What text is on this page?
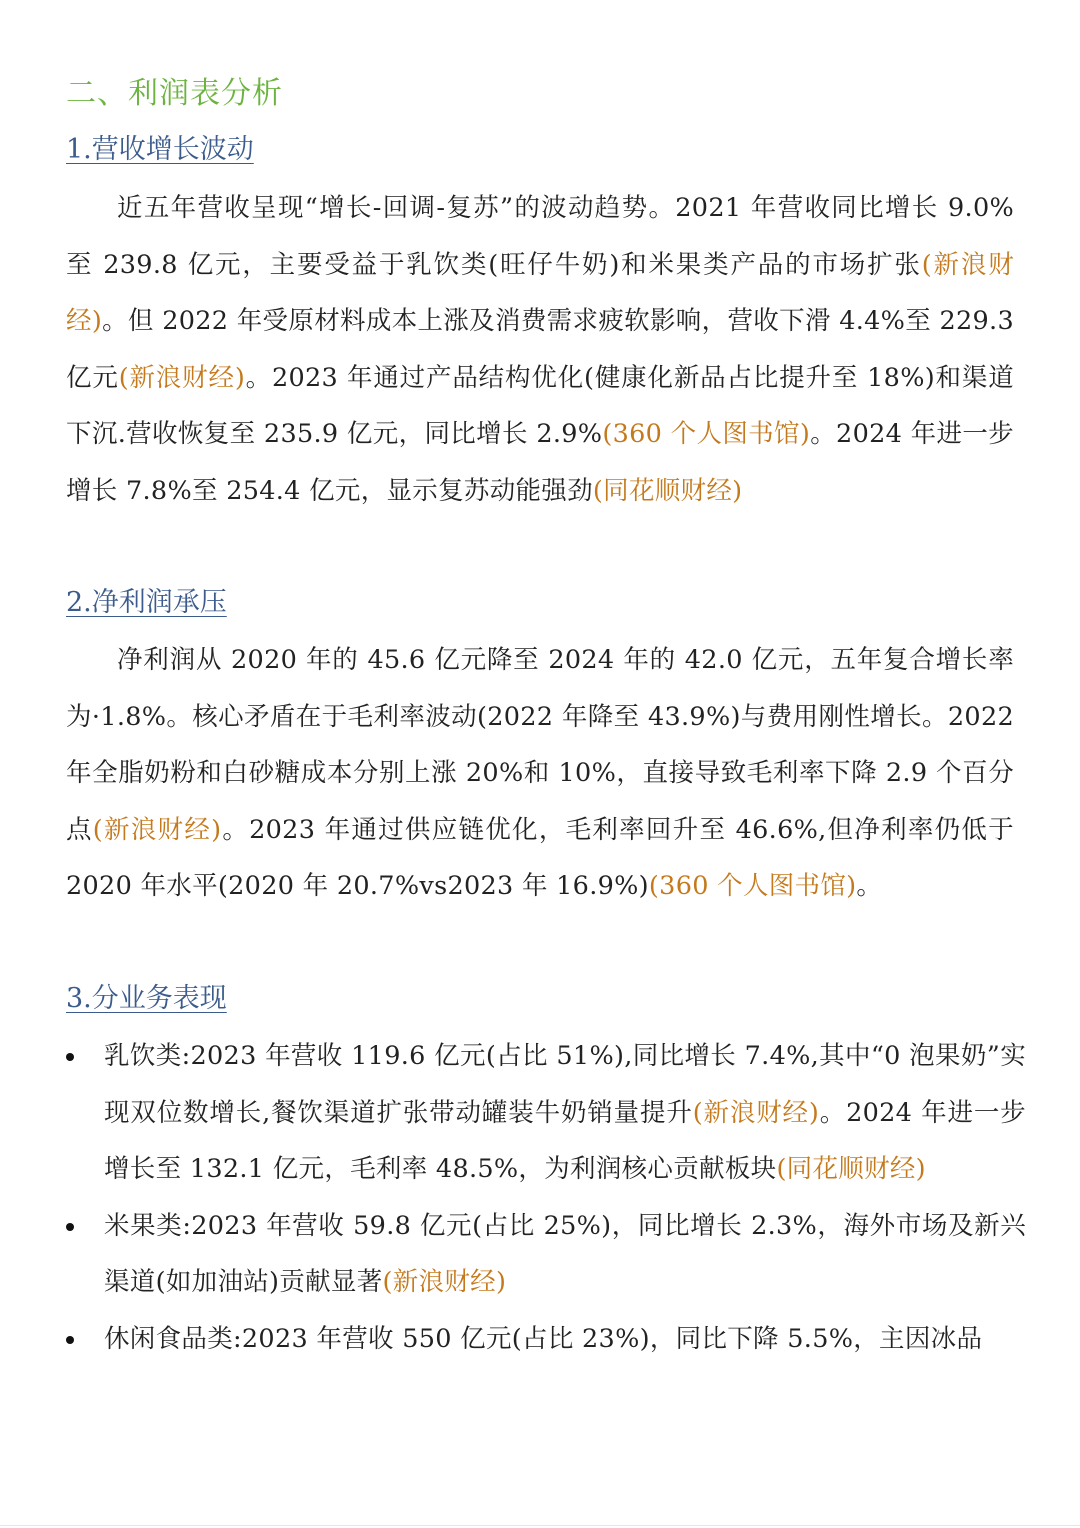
二、利润表分析
1.营收增长波动

近五年营收呈现“增长-回调-复苏”的波动趋势。2021 年营收同比增长 9.0% 至 239.8 亿元，主要受益于乳饮类(旺仔牛奶)和米果类产品的市场扩张(新浪财经)。但 2022 年受原材料成本上涨及消费需求疲软影响，营收下滑 4.4%至 229.3 亿元(新浪财经)。2023 年通过产品结构优化(健康化新品占比提升至 18%)和渠道下沉.营收恢复至 235.9 亿元，同比增长 2.9%(360 个人图书馆)。2024 年进一步增长 7.8%至 254.4 亿元，显示复苏动能强劲(同花顺财经)

2.净利润承压

净利润从 2020 年的 45.6 亿元降至 2024 年的 42.0 亿元，五年复合增长率为·1.8%。核心矛盾在于毛利率波动(2022 年降至 43.9%)与费用刚性增长。2022 年全脂奶粉和白砂糖成本分别上涨 20%和 10%，直接导致毛利率下降 2.9 个百分点(新浪财经)。2023 年通过供应链优化，毛利率回升至 46.6%,但净利率仍低于 2020 年水平(2020 年 20.7%vs2023 年 16.9%)(360 个人图书馆)。

3.分业务表现
乳饮类:2023 年营收 119.6 亿元(占比 51%),同比增长 7.4%,其中“0 泡果奶”实现双位数增长,餐饮渠道扩张带动罐装牛奶销量提升(新浪财经)。2024 年进一步增长至 132.1 亿元，毛利率 48.5%，为利润核心贡献板块(同花顺财经)
米果类:2023 年营收 59.8 亿元(占比 25%)，同比增长 2.3%，海外市场及新兴渠道(如加油站)贡献显著(新浪财经)
休闲食品类:2023 年营收 550 亿元(占比 23%)，同比下降 5.5%，主因冰品
